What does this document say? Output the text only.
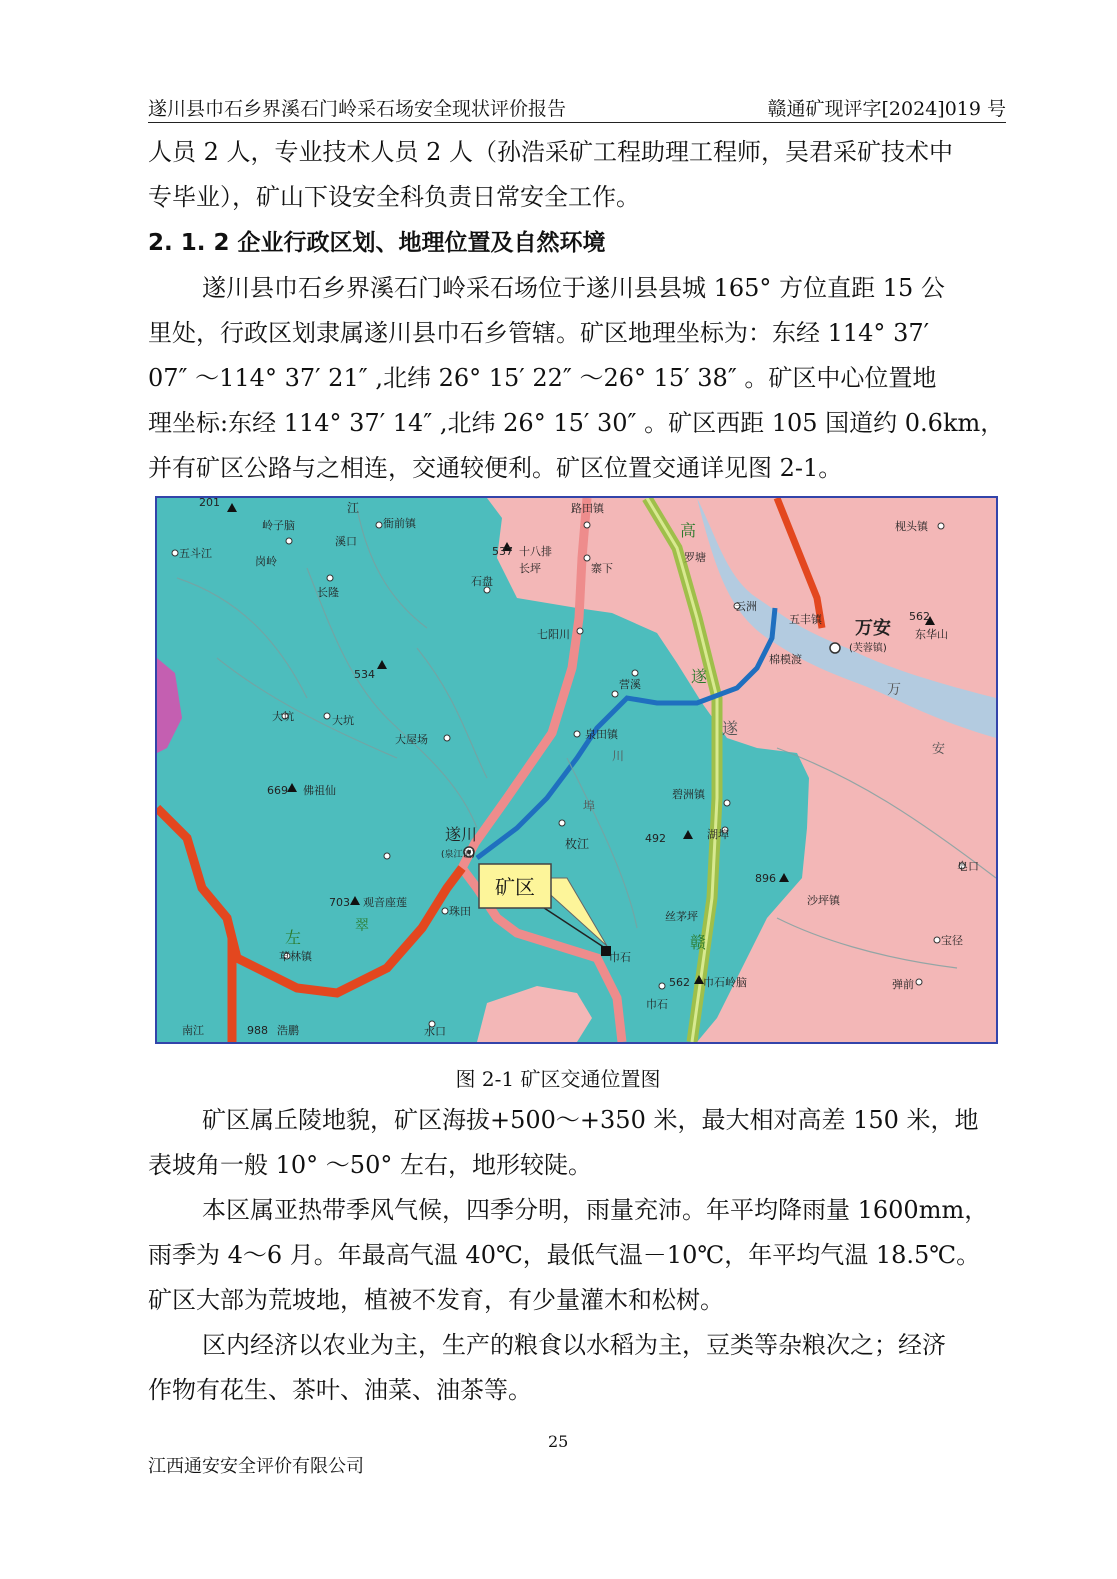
遂川县巾石乡界溪石门岭采石场安全现状评价报告	赣通矿现评字[2024]019 号
人员 2 人，专业技术人员 2 人（孙浩采矿工程助理工程师，吴君采矿技术中
专毕业），矿山下设安全科负责日常安全工作。
2. 1. 2 企业行政区划、地理位置及自然环境
遂川县巾石乡界溪石门岭采石场位于遂川县县城 165° 方位直距 15 公
里处，行政区划隶属遂川县巾石乡管辖。矿区地理坐标为：东经 114° 37′
07″ ～114° 37′ 21″ ,北纬 26° 15′ 22″ ～26° 15′ 38″ 。矿区中心位置地
理坐标:东经 114° 37′ 14″ ,北纬 26° 15′ 30″ 。矿区西距 105 国道约 0.6km，
并有矿区公路与之相连，交通较便利。矿区位置交通详见图 2-1。
矿区
五斗江
岗岭
溪口
江
衙前镇
岭子脑
长隆
石盘
537 十八排
长坪
路田镇
寨下
高
罗塘
枧头镇
云洲
五丰镇 万安
(芙蓉镇)
562
东华山
棉模渡
万
七阳川
534
大坑	大坑
大屋场
营溪
泉田镇
遂
遂
安
669 佛祖仙
遂川
(泉江镇)
枚江
碧洲镇
492
埠
湖埠
皂口
896
沙坪镇
703 观音座莲
珠田	丝茅坪
草林镇	巾石
562 巾石岭脑
巾石
宝径
弹前
南江	水口
左
翠
赣
川
988 浩鹏
201
图 2-1 矿区交通位置图
矿区属丘陵地貌，矿区海拔+500～+350 米，最大相对高差 150 米，地
表坡角一般 10° ～50° 左右，地形较陡。
本区属亚热带季风气候，四季分明，雨量充沛。年平均降雨量 1600mm，
雨季为 4～6 月。年最高气温 40℃，最低气温－10℃，年平均气温 18.5℃。
矿区大部为荒坡地，植被不发育，有少量灌木和松树。
区内经济以农业为主，生产的粮食以水稻为主，豆类等杂粮次之；经济
作物有花生、茶叶、油菜、油茶等。
25
江西通安安全评价有限公司
